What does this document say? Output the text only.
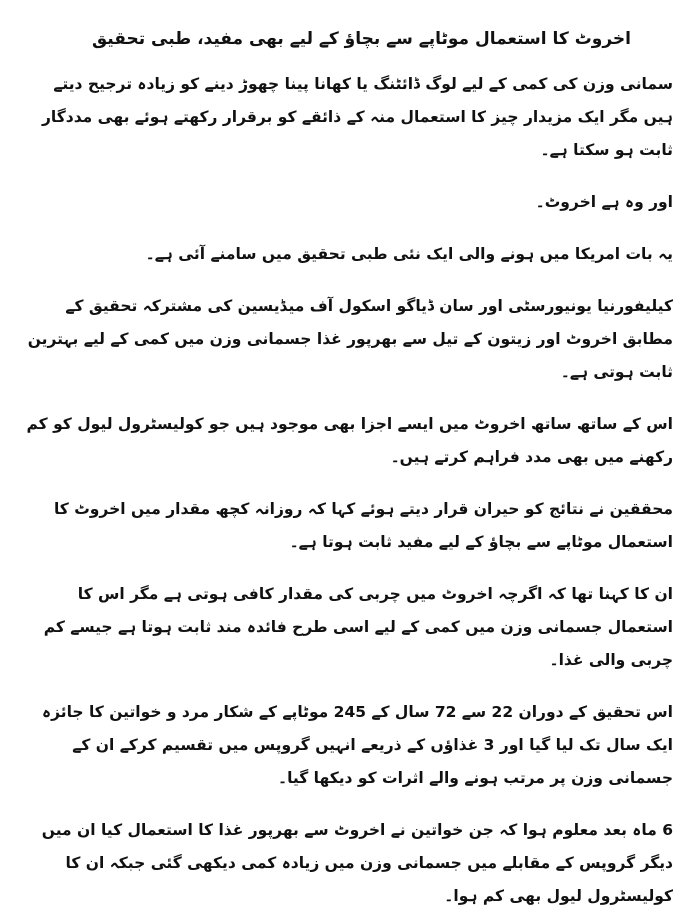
اخروٹ کا استعمال موٹاپے سے بچاؤ کے لیے بھی مفید، طبی تحقیق

سمانی وزن کی کمی کے لیے لوگ ڈائٹنگ یا کھانا پینا چھوڑ دینے کو زیادہ ترجیح دیتے ہیں مگر ایک مزیدار چیز کا استعمال منہ کے ذائقے کو برقرار رکھتے ہوئے بھی مددگار ثابت ہو سکتا ہے۔

اور وہ ہے اخروٹ۔

یہ بات امریکا میں ہونے والی ایک نئی طبی تحقیق میں سامنے آئی ہے۔

کیلیفورنیا یونیورسٹی اور سان ڈیاگو اسکول آف میڈیسین کی مشترکہ تحقیق کے مطابق اخروٹ اور زیتون کے تیل سے بھرپور غذا جسمانی وزن میں کمی کے لیے بہترین ثابت ہوتی ہے۔

اس کے ساتھ ساتھ اخروٹ میں ایسے اجزا بھی موجود ہیں جو کولیسٹرول لیول کو کم رکھنے میں بھی مدد فراہم کرتے ہیں۔

محققین نے نتائج کو حیران قرار دیتے ہوئے کہا کہ روزانہ کچھ مقدار میں اخروٹ کا استعمال موٹاپے سے بچاؤ کے لیے مفید ثابت ہوتا ہے۔

ان کا کہنا تھا کہ اگرچہ اخروٹ میں چربی کی مقدار کافی ہوتی ہے مگر اس کا استعمال جسمانی وزن میں کمی کے لیے اسی طرح فائدہ مند ثابت ہوتا ہے جیسے کم چربی والی غذا۔

اس تحقیق کے دوران 22 سے 72 سال کے 245 موٹاپے کے شکار مرد و خواتین کا جائزہ ایک سال تک لیا گیا اور 3 غذاؤں کے ذریعے انہیں گروپس میں تقسیم کرکے ان کے جسمانی وزن پر مرتب ہونے والے اثرات کو دیکھا گیا۔

6 ماہ بعد معلوم ہوا کہ جن خواتین نے اخروٹ سے بھرپور غذا کا استعمال کیا ان میں دیگر گروپس کے مقابلے میں جسمانی وزن میں زیادہ کمی دیکھی گئی جبکہ ان کا کولیسٹرول لیول بھی کم ہوا۔
